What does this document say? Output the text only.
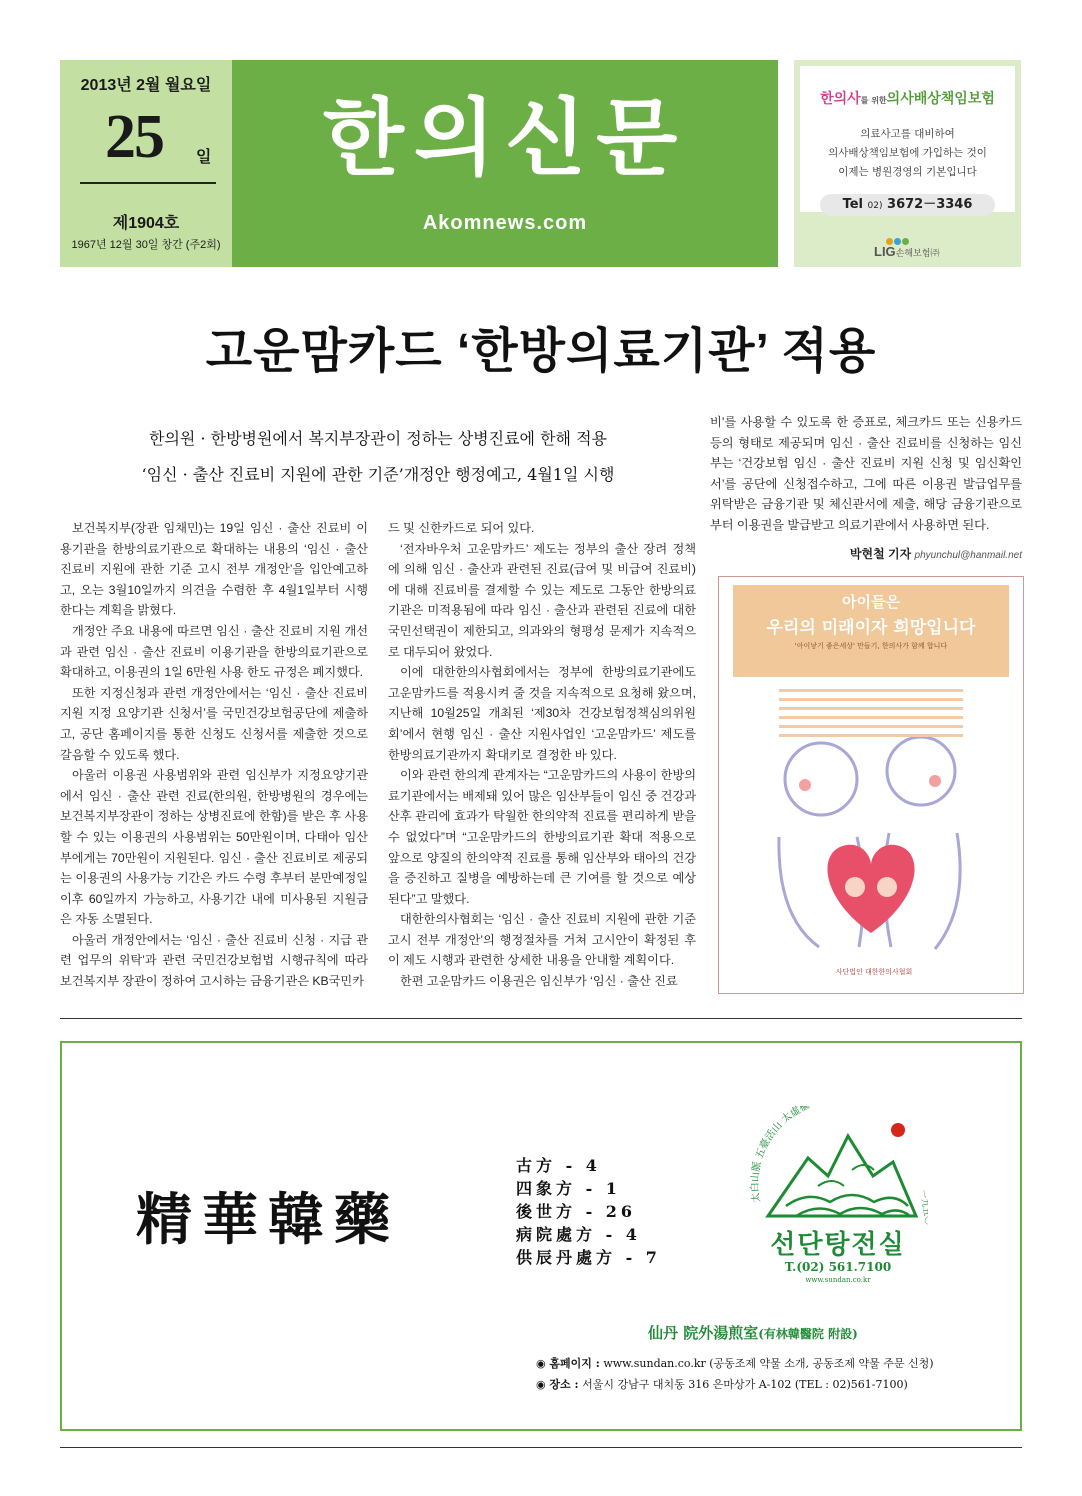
2013년 2월 월요일
25	일
제1904호
1967년 12월 30일 창간 (주2회)
한의신문
Akomnews.com
한의사를 위한의사배상책임보험
의료사고를 대비하여
의사배상책임보험에 가입하는 것이
이제는 병원경영의 기본입니다
Tel 02) 3672－3346
LIG손해보험㈜
고운맘카드 ‘한방의료기관’ 적용
한의원 · 한방병원에서 복지부장관이 정하는 상병진료에 한해 적용
‘임신 · 출산 진료비 지원에 관한 기준’개정안 행정예고, 4월1일 시행

보건복지부(장관 임채민)는 19일 임신 · 출산 진료비 이용기관을 한방의료기관으로 확대하는 내용의 ‘임신 · 출산 진료비 지원에 관한 기준 고시 전부 개정안’을 입안예고하고, 오는 3월10일까지 의견을 수렴한 후 4월1일부터 시행한다는 계획을 밝혔다.

개정안 주요 내용에 따르면 임신 · 출산 진료비 지원 개선과 관련 임신 · 출산 진료비 이용기관을 한방의료기관으로 확대하고, 이용권의 1일 6만원 사용 한도 규정은 폐지했다.

또한 지정신청과 관련 개정안에서는 ‘임신 · 출산 진료비 지원 지정 요양기관 신청서’를 국민건강보험공단에 제출하고, 공단 홈페이지를 통한 신청도 신청서를 제출한 것으로 갈음할 수 있도록 했다.

아울러 이용권 사용범위와 관련 임신부가 지정요양기관에서 임신 · 출산 관련 진료(한의원, 한방병원의 경우에는 보건복지부장관이 정하는 상병진료에 한함)를 받은 후 사용할 수 있는 이용권의 사용범위는 50만원이며, 다태아 임산부에게는 70만원이 지원된다. 임신 · 출산 진료비로 제공되는 이용권의 사용가능 기간은 카드 수령 후부터 분만예정일 이후 60일까지 가능하고, 사용기간 내에 미사용된 지원금은 자동 소멸된다.

아울러 개정안에서는 ‘임신 · 출산 진료비 신청 · 지급 관련 업무의 위탁’과 관련 국민건강보험법 시행규칙에 따라 보건복지부 장관이 정하여 고시하는 금융기관은 KB국민카

드 및 신한카드로 되어 있다.

‘전자바우처 고운맘카드’ 제도는 정부의 출산 장려 정책에 의해 임신 · 출산과 관련된 진료(급여 및 비급여 진료비)에 대해 진료비를 결제할 수 있는 제도로 그동안 한방의료기관은 미적용됨에 따라 임신 · 출산과 관련된 진료에 대한 국민선택권이 제한되고, 의과와의 형평성 문제가 지속적으로 대두되어 왔었다.

이에 대한한의사협회에서는 정부에 한방의료기관에도 고운맘카드를 적용시켜 줄 것을 지속적으로 요청해 왔으며, 지난해 10월25일 개최된 ‘제30차 건강보험정책심의위원회’에서 현행 임신 · 출산 지원사업인 ‘고운맘카드’ 제도를 한방의료기관까지 확대키로 결정한 바 있다.

이와 관련 한의계 관계자는 “고운맘카드의 사용이 한방의료기관에서는 배제돼 있어 많은 임산부들이 임신 중 건강과 산후 관리에 효과가 탁월한 한의약적 진료를 편리하게 받을 수 없었다”며 “고운맘카드의 한방의료기관 확대 적용으로 앞으로 양질의 한의약적 진료를 통해 임산부와 태아의 건강을 증진하고 질병을 예방하는데 큰 기여를 할 것으로 예상된다”고 말했다.

대한한의사협회는 ‘임신 · 출산 진료비 지원에 관한 기준 고시 전부 개정안’의 행정절차를 거쳐 고시안이 확정된 후 이 제도 시행과 관련한 상세한 내용을 안내할 계획이다.

한편 고운맘카드 이용권은 임신부가 ‘임신 · 출산 진료

비’를 사용할 수 있도록 한 증표로, 체크카드 또는 신용카드 등의 형태로 제공되며 임신 · 출산 진료비를 신청하는 임신부는 ‘건강보험 임신 · 출산 진료비 지원 신청 및 임신확인서’를 공단에 신청접수하고, 그에 따른 이용권 발급업무를 위탁받은 금융기관 및 체신관서에 제출, 해당 금융기관으로부터 이용권을 발급받고 의료기관에서 사용하면 된다.

박현철 기자 phyunchul@hanmail.net
아이들은
우리의 미래이자 희망입니다
'아이낳기 좋은세상' 만들기, 한의사가 함께 합니다
사단법인 대한한의사협회
精華韓藥
古方 - 4
四象方 - 1
後世方 - 26
病院處方 - 4
供辰丹處方 - 7
太白山脈 五臺活山 太虛樞
一九五〇
선단탕전실
T.(02) 561.7100
www.sundan.co.kr
仙丹 院外湯煎室(有林韓醫院 附設)
◉ 홈페이지 : www.sundan.co.kr (공동조제 약물 소개, 공동조제 약물 주문 신청)
◉ 장소 : 서울시 강남구 대치동 316 은마상가 A-102 (TEL : 02)561-7100)
